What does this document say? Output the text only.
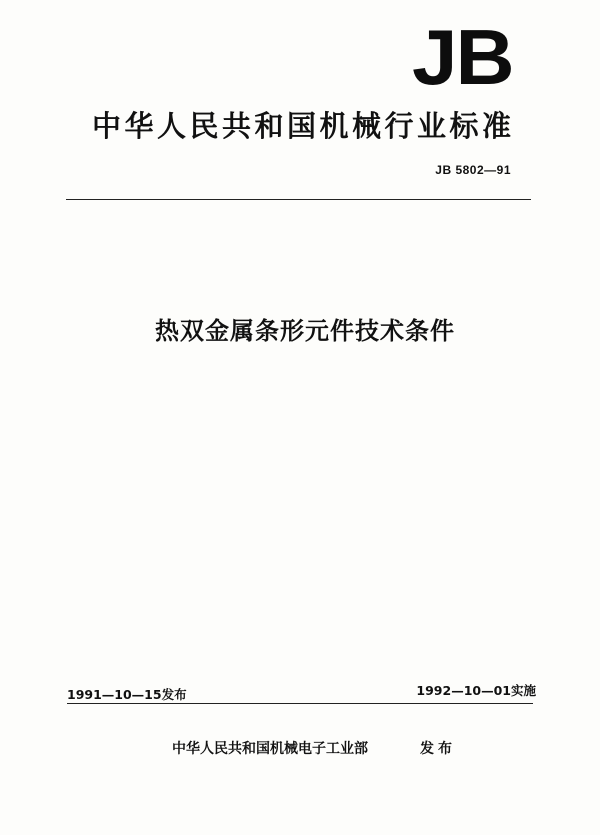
JB
中华人民共和国机械行业标准
JB 5802—91
热双金属条形元件技术条件
1991—10—15发布	1992—10—01实施
中华人民共和国机械电子工业部	发布
